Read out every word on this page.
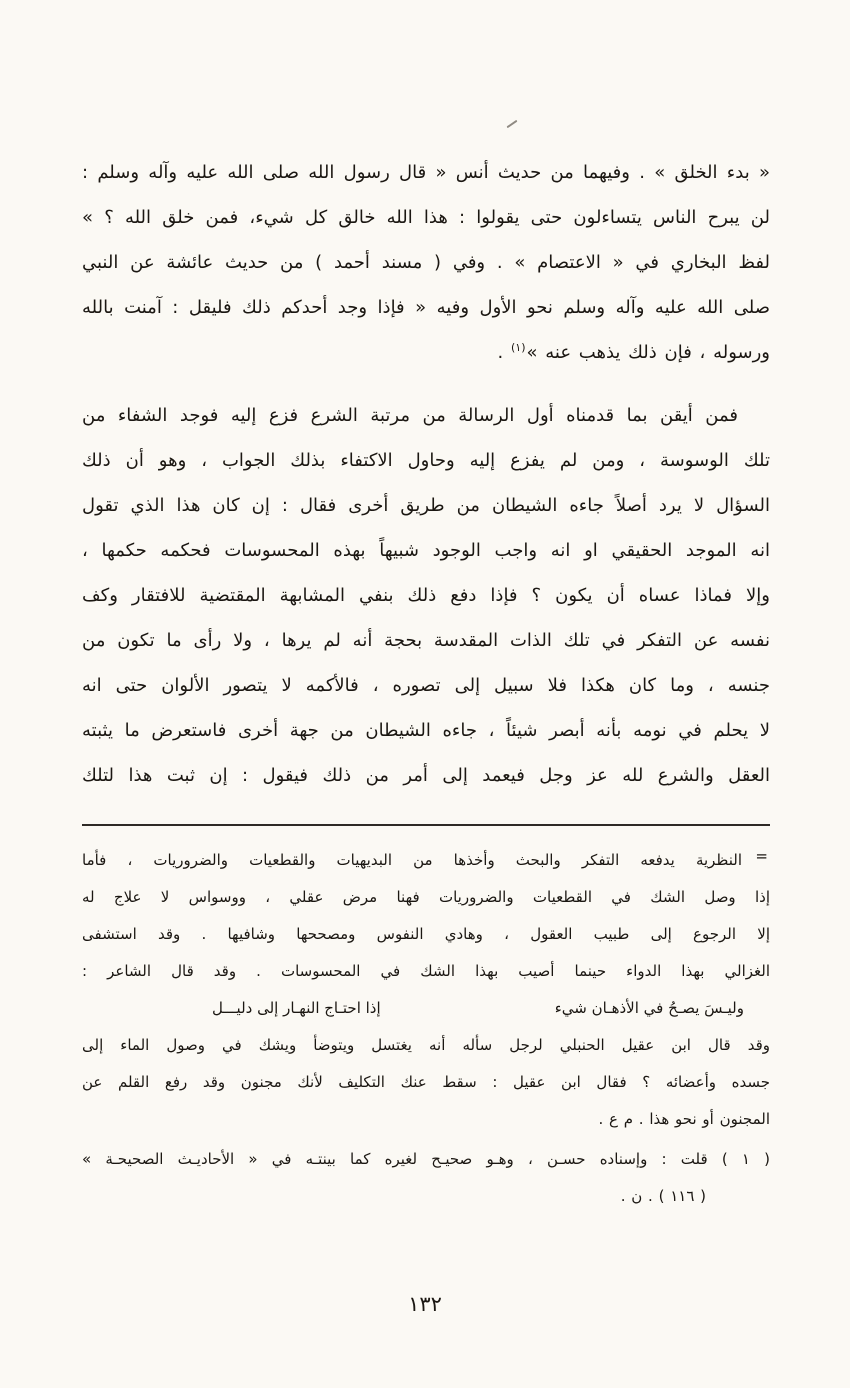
« بدء الخلق » . وفيهما من حديث أنس « قال رسول الله صلى الله عليه وآله وسلم :
لن يبرح الناس يتساءلون حتى يقولوا : هذا الله خالق كل شيء، فمن خلق الله ؟ »
لفظ البخاري في « الاعتصام » . وفي ( مسند أحمد ) من حديث عائشة عن النبي
صلى الله عليه وآله وسلم نحو الأول وفيه « فإذا وجد أحدكم ذلك فليقل : آمنت بالله
ورسوله ، فإن ذلك يذهب عنه »$^{(١)}$ .
فمن أيقن بما قدمناه أول الرسالة من مرتبة الشرع فزع إليه فوجد الشفاء من
تلك الوسوسة ، ومن لم يفزع إليه وحاول الاكتفاء بذلك الجواب ، وهو أن ذلك
السؤال لا يرد أصلاً جاءه الشيطان من طريق أخرى فقال : إن كان هذا الذي تقول
انه الموجد الحقيقي او انه واجب الوجود شبيهاً بهذه المحسوسات فحكمه حكمها ،
وإلا فماذا عساه أن يكون ؟ فإذا دفع ذلك بنفي المشابهة المقتضية للافتقار وكف
نفسه عن التفكر في تلك الذات المقدسة بحجة أنه لم يرها ، ولا رأى ما تكون من
جنسه ، وما كان هكذا فلا سبيل إلى تصوره ، فالأكمه لا يتصور الألوان حتى انه
لا يحلم في نومه بأنه أبصر شيئاً ، جاءه الشيطان من جهة أخرى فاستعرض ما يثبته
العقل والشرع لله عز وجل فيعمد إلى أمر من ذلك فيقول : إن ثبت هذا لتلك
=
النظرية يدفعه التفكر والبحث وأخذها من البديهيات والقطعيات والضروريات ، فأما
إذا وصل الشك في القطعيات والضروريات فهنا مرض عقلي ، ووسواس لا علاج له
إلا الرجوع إلى طبيب العقول ، وهادي النفوس ومصححها وشافيها . وقد استشفى
الغزالي بهذا الدواء حينما أصيب بهذا الشك في المحسوسات . وقد قال الشاعر :
وليـسَ يصـحُ في الأذهـان شيء
إذا احتـاج النهـار إلى دليـــل
وقد قال ابن عقيل الحنبلي لرجل سأله أنه يغتسل ويتوضأ ويشك في وصول الماء إلى
جسده وأعضائه ؟ فقال ابن عقيل : سقط عنك التكليف لأنك مجنون وقد رفع القلم عن
المجنون أو نحو هذا . م ع .
( ١ ) قلت : وإسناده حسـن ، وهـو صحيـح لغيره كما بينتـه في « الأحاديـث الصحيحـة »
( ١١٦ ) . ن .
١٣٢
